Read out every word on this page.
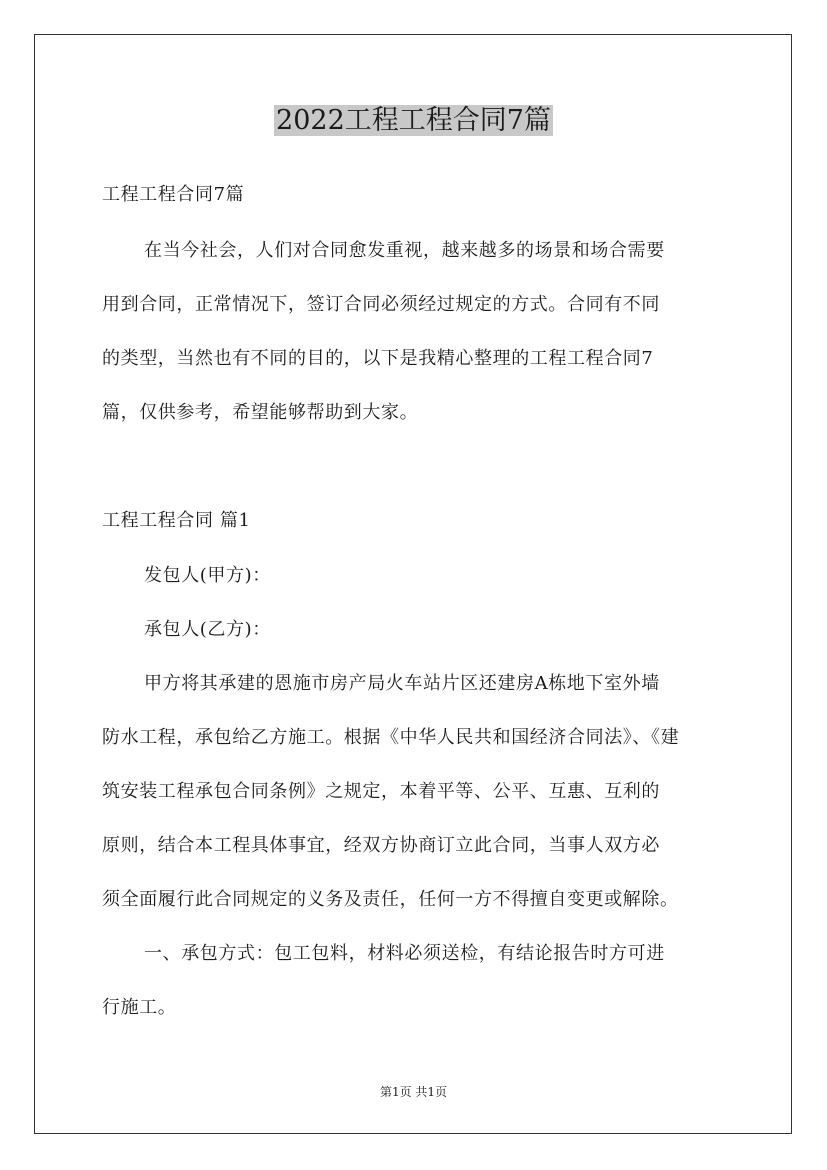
2022工程工程合同7篇
工程工程合同7篇
在当今社会，人们对合同愈发重视，越来越多的场景和场合需要
用到合同，正常情况下，签订合同必须经过规定的方式。合同有不同
的类型，当然也有不同的目的，以下是我精心整理的工程工程合同7
篇，仅供参考，希望能够帮助到大家。
工程工程合同 篇1
发包人(甲方)：
承包人(乙方)：
甲方将其承建的恩施市房产局火车站片区还建房A栋地下室外墙
防水工程，承包给乙方施工。根据《中华人民共和国经济合同法》、《建
筑安装工程承包合同条例》之规定，本着平等、公平、互惠、互利的
原则，结合本工程具体事宜，经双方协商订立此合同，当事人双方必
须全面履行此合同规定的义务及责任，任何一方不得擅自变更或解除。
一、承包方式：包工包料，材料必须送检，有结论报告时方可进
行施工。
第1页 共1页
